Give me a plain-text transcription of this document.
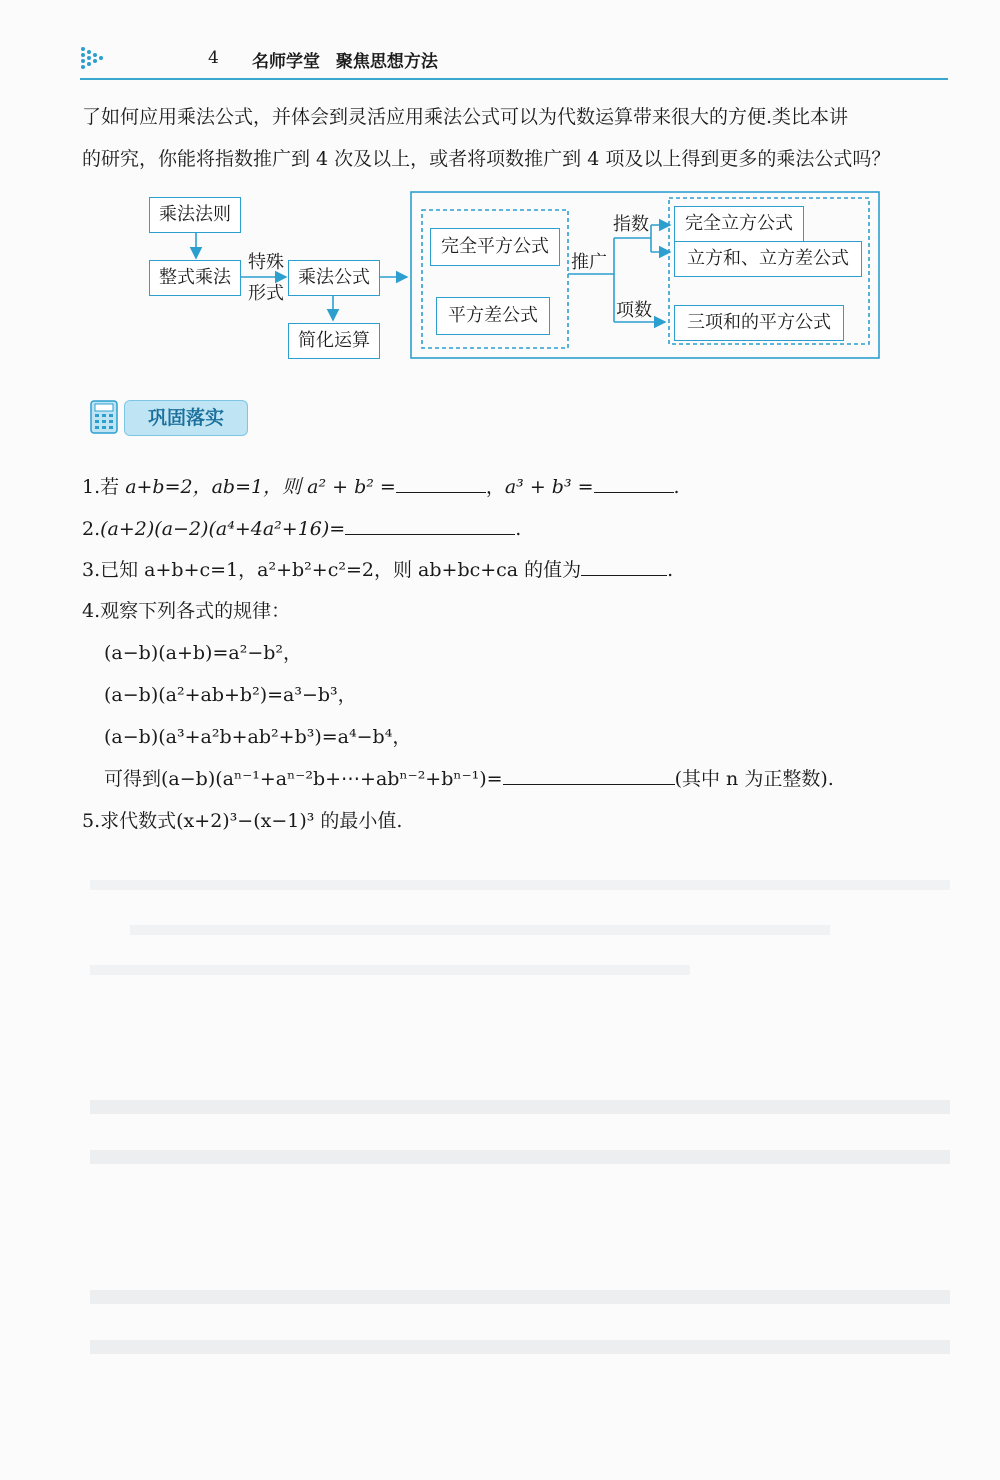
4 名师学堂 聚焦思想方法
了如何应用乘法公式，并体会到灵活应用乘法公式可以为代数运算带来很大的方便.类比本讲
的研究，你能将指数推广到 4 次及以上，或者将项数推广到 4 项及以上得到更多的乘法公式吗？
乘法法则
整式乘法
特殊
形式
乘法公式
简化运算
完全平方公式
平方差公式
推广
指数
项数
完全立方公式
立方和、立方差公式
三项和的平方公式
巩固落实
1.若 a+b=2，ab=1，则 a² + b² =	，a³ + b³ =	.
2.(a+2)(a−2)(a⁴+4a²+16)=	.
3.已知 a+b+c=1，a²+b²+c²=2，则 ab+bc+ca 的值为	.
4.观察下列各式的规律：
(a−b)(a+b)=a²−b²，
(a−b)(a²+ab+b²)=a³−b³，
(a−b)(a³+a²b+ab²+b³)=a⁴−b⁴，
可得到(a−b)(aⁿ⁻¹+aⁿ⁻²b+⋯+abⁿ⁻²+bⁿ⁻¹)=	(其中 n 为正整数).
5.求代数式(x+2)³−(x−1)³ 的最小值.
